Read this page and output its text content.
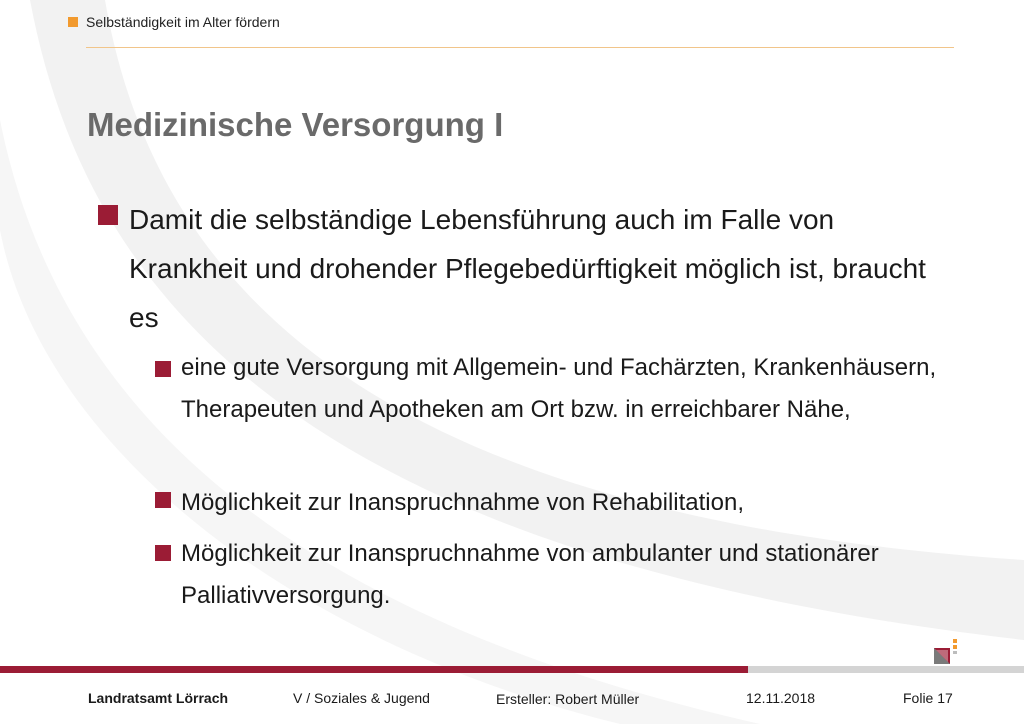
Selbständigkeit im Alter fördern
Medizinische Versorgung I
Damit die selbständige Lebensführung auch im Falle von Krankheit und drohender Pflegebedürftigkeit möglich ist, braucht es
eine gute Versorgung mit Allgemein- und Fachärzten, Krankenhäusern, Therapeuten und Apotheken am Ort bzw. in erreichbarer Nähe,
Möglichkeit zur Inanspruchnahme von Rehabilitation,
Möglichkeit zur Inanspruchnahme von ambulanter und stationärer Palliativversorgung.
Landratsamt Lörrach	V / Soziales & Jugend	Ersteller: Robert Müller	12.11.2018	Folie 17
